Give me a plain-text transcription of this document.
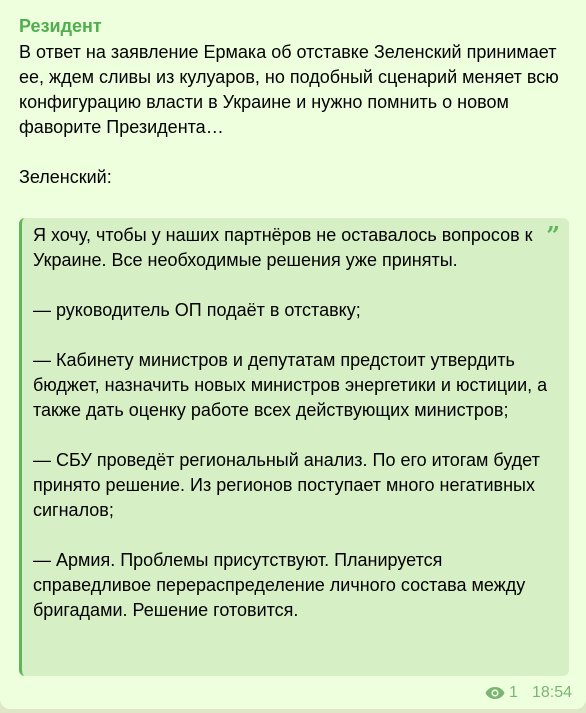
Резидент
В ответ на заявление Ермака об отставке Зеленский принимает ее, ждем сливы из кулуаров, но подобный сценарий меняет всю конфигурацию власти в Украине и нужно помнить о новом фаворите Президента…

Зеленский:
Я хочу, чтобы у наших партнёров не оставалось вопросов к Украине. Все необходимые решения уже приняты.

— руководитель ОП подаёт в отставку;

— Кабинету министров и депутатам предстоит утвердить бюджет, назначить новых министров энергетики и юстиции, а также дать оценку работе всех действующих министров;

— СБУ проведёт региональный анализ. По его итогам будет принято решение. Из регионов поступает много негативных сигналов;

— Армия. Проблемы присутствуют. Планируется справедливое перераспределение личного состава между бригадами. Решение готовится.
”
1 18:54
